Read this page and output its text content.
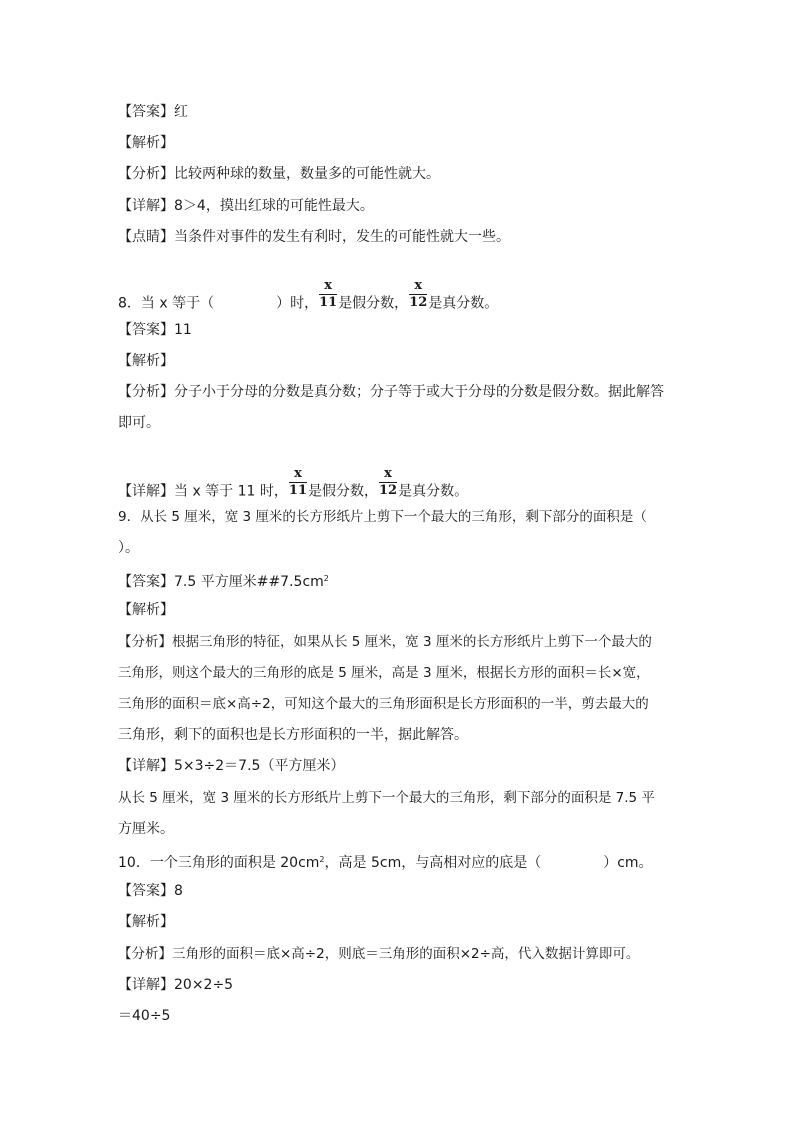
【答案】红
【解析】
【分析】比较两种球的数量，数量多的可能性就大。
【详解】8＞4，摸出红球的可能性最大。
【点睛】当条件对事件的发生有利时，发生的可能性就大一些。
8．当 x 等于（	）时， $\frac{x}{11}$ 是假分数， $\frac{x}{12}$ 是真分数。
【答案】11
【解析】
【分析】分子小于分母的分数是真分数；分子等于或大于分母的分数是假分数。据此解答
即可。
【详解】当 x 等于 11 时， $\frac{x}{11}$ 是假分数， $\frac{x}{12}$ 是真分数。
9．从长 5 厘米，宽 3 厘米的长方形纸片上剪下一个最大的三角形，剩下部分的面积是（
）。
【答案】7.5 平方厘米$\#\#7.5cm^2$
【解析】
【分析】根据三角形的特征，如果从长 5 厘米，宽 3 厘米的长方形纸片上剪下一个最大的
三角形，则这个最大的三角形的底是 5 厘米，高是 3 厘米，根据长方形的面积＝长×宽，
三角形的面积＝底×高÷2，可知这个最大的三角形面积是长方形面积的一半，剪去最大的
三角形，剩下的面积也是长方形面积的一半，据此解答。
【详解】5×3÷2＝7.5（平方厘米）
从长 5 厘米，宽 3 厘米的长方形纸片上剪下一个最大的三角形，剩下部分的面积是 7.5 平
方厘米。
10．一个三角形的面积是 $20cm^2$，高是 5cm，与高相对应的底是（	）cm。
【答案】8
【解析】
【分析】三角形的面积＝底×高÷2，则底＝三角形的面积×2÷高，代入数据计算即可。
【详解】20×2÷5
＝40÷5
